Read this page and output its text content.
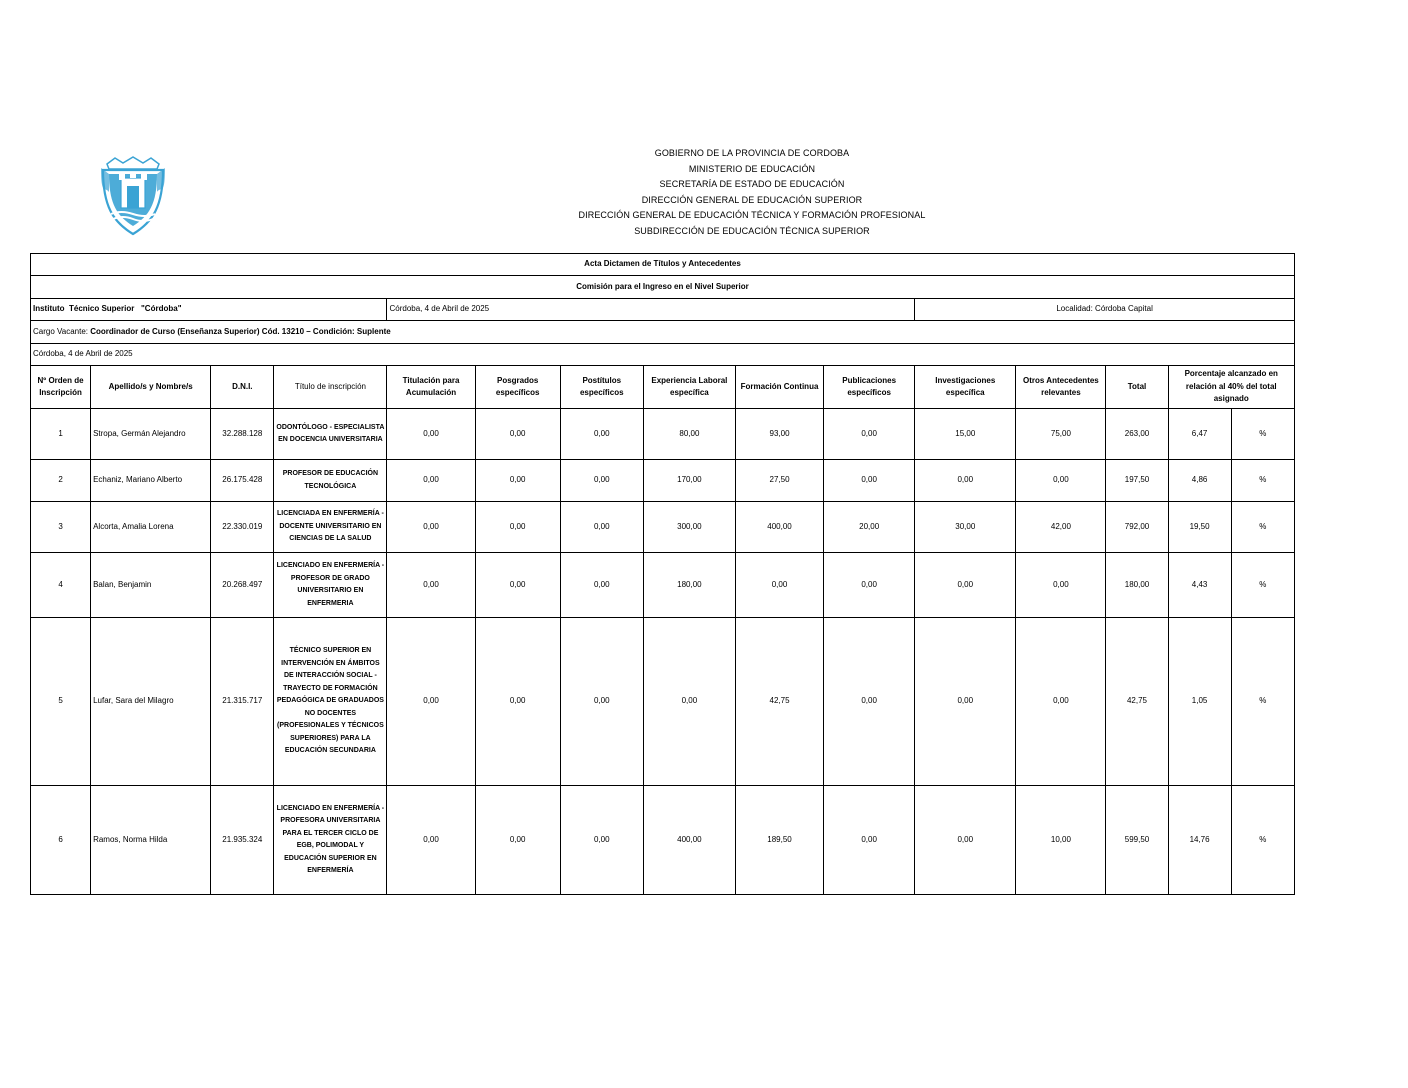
GOBIERNO DE LA PROVINCIA DE CORDOBA
MINISTERIO DE EDUCACIÓN
SECRETARÍA DE ESTADO DE EDUCACIÓN
DIRECCIÓN GENERAL DE EDUCACIÓN SUPERIOR
DIRECCIÓN GENERAL DE EDUCACIÓN TÉCNICA Y FORMACIÓN PROFESIONAL
SUBDIRECCIÓN DE EDUCACIÓN TÉCNICA SUPERIOR
Acta Dictamen de Títulos y Antecedentes														
Comisión para el Ingreso en el Nivel Superior														
Instituto  Técnico Superior   "Córdoba"				Córdoba, 4 de Abril de 2025						Localidad: Córdoba Capital				
Cargo Vacante: Coordinador de Curso (Enseñanza Superior) Cód. 13210 – Condición: Suplente														
Córdoba, 4 de Abril de 2025														
Nº Orden de Inscripción	Apellido/s y Nombre/s	D.N.I.	Título de inscripción	Titulación para Acumulación	Posgrados específicos	Postítulos específicos	Experiencia Laboral específica	Formación Continua	Publicaciones específicos	Investigaciones específica	Otros Antecedentes relevantes	Total	Porcentaje alcanzado en relación al 40% del total asignado	
1	Stropa, Germán Alejandro	32.288.128	ODONTÓLOGO - ESPECIALISTA EN DOCENCIA UNIVERSITARIA	0,00	0,00	0,00	80,00	93,00	0,00	15,00	75,00	263,00	6,47	%
2	Echaniz, Mariano Alberto	26.175.428	PROFESOR DE EDUCACIÓN TECNOLÓGICA	0,00	0,00	0,00	170,00	27,50	0,00	0,00	0,00	197,50	4,86	%
3	Alcorta, Amalia Lorena	22.330.019	LICENCIADA EN ENFERMERÍA - DOCENTE UNIVERSITARIO EN CIENCIAS DE LA SALUD	0,00	0,00	0,00	300,00	400,00	20,00	30,00	42,00	792,00	19,50	%
4	Balan, Benjamin	20.268.497	LICENCIADO EN ENFERMERÍA - PROFESOR DE GRADO UNIVERSITARIO EN ENFERMERIA	0,00	0,00	0,00	180,00	0,00	0,00	0,00	0,00	180,00	4,43	%
5	Lufar, Sara del Milagro	21.315.717	TÉCNICO SUPERIOR EN INTERVENCIÓN EN ÁMBITOS DE INTERACCIÓN SOCIAL - TRAYECTO DE FORMACIÓN PEDAGÓGICA DE GRADUADOS NO DOCENTES (PROFESIONALES Y TÉCNICOS SUPERIORES) PARA LA EDUCACIÓN SECUNDARIA	0,00	0,00	0,00	0,00	42,75	0,00	0,00	0,00	42,75	1,05	%
6	Ramos, Norma Hilda	21.935.324	LICENCIADO EN ENFERMERÍA - PROFESORA UNIVERSITARIA PARA EL TERCER CICLO DE EGB, POLIMODAL Y EDUCACIÓN SUPERIOR EN ENFERMERÍA	0,00	0,00	0,00	400,00	189,50	0,00	0,00	10,00	599,50	14,76	%
